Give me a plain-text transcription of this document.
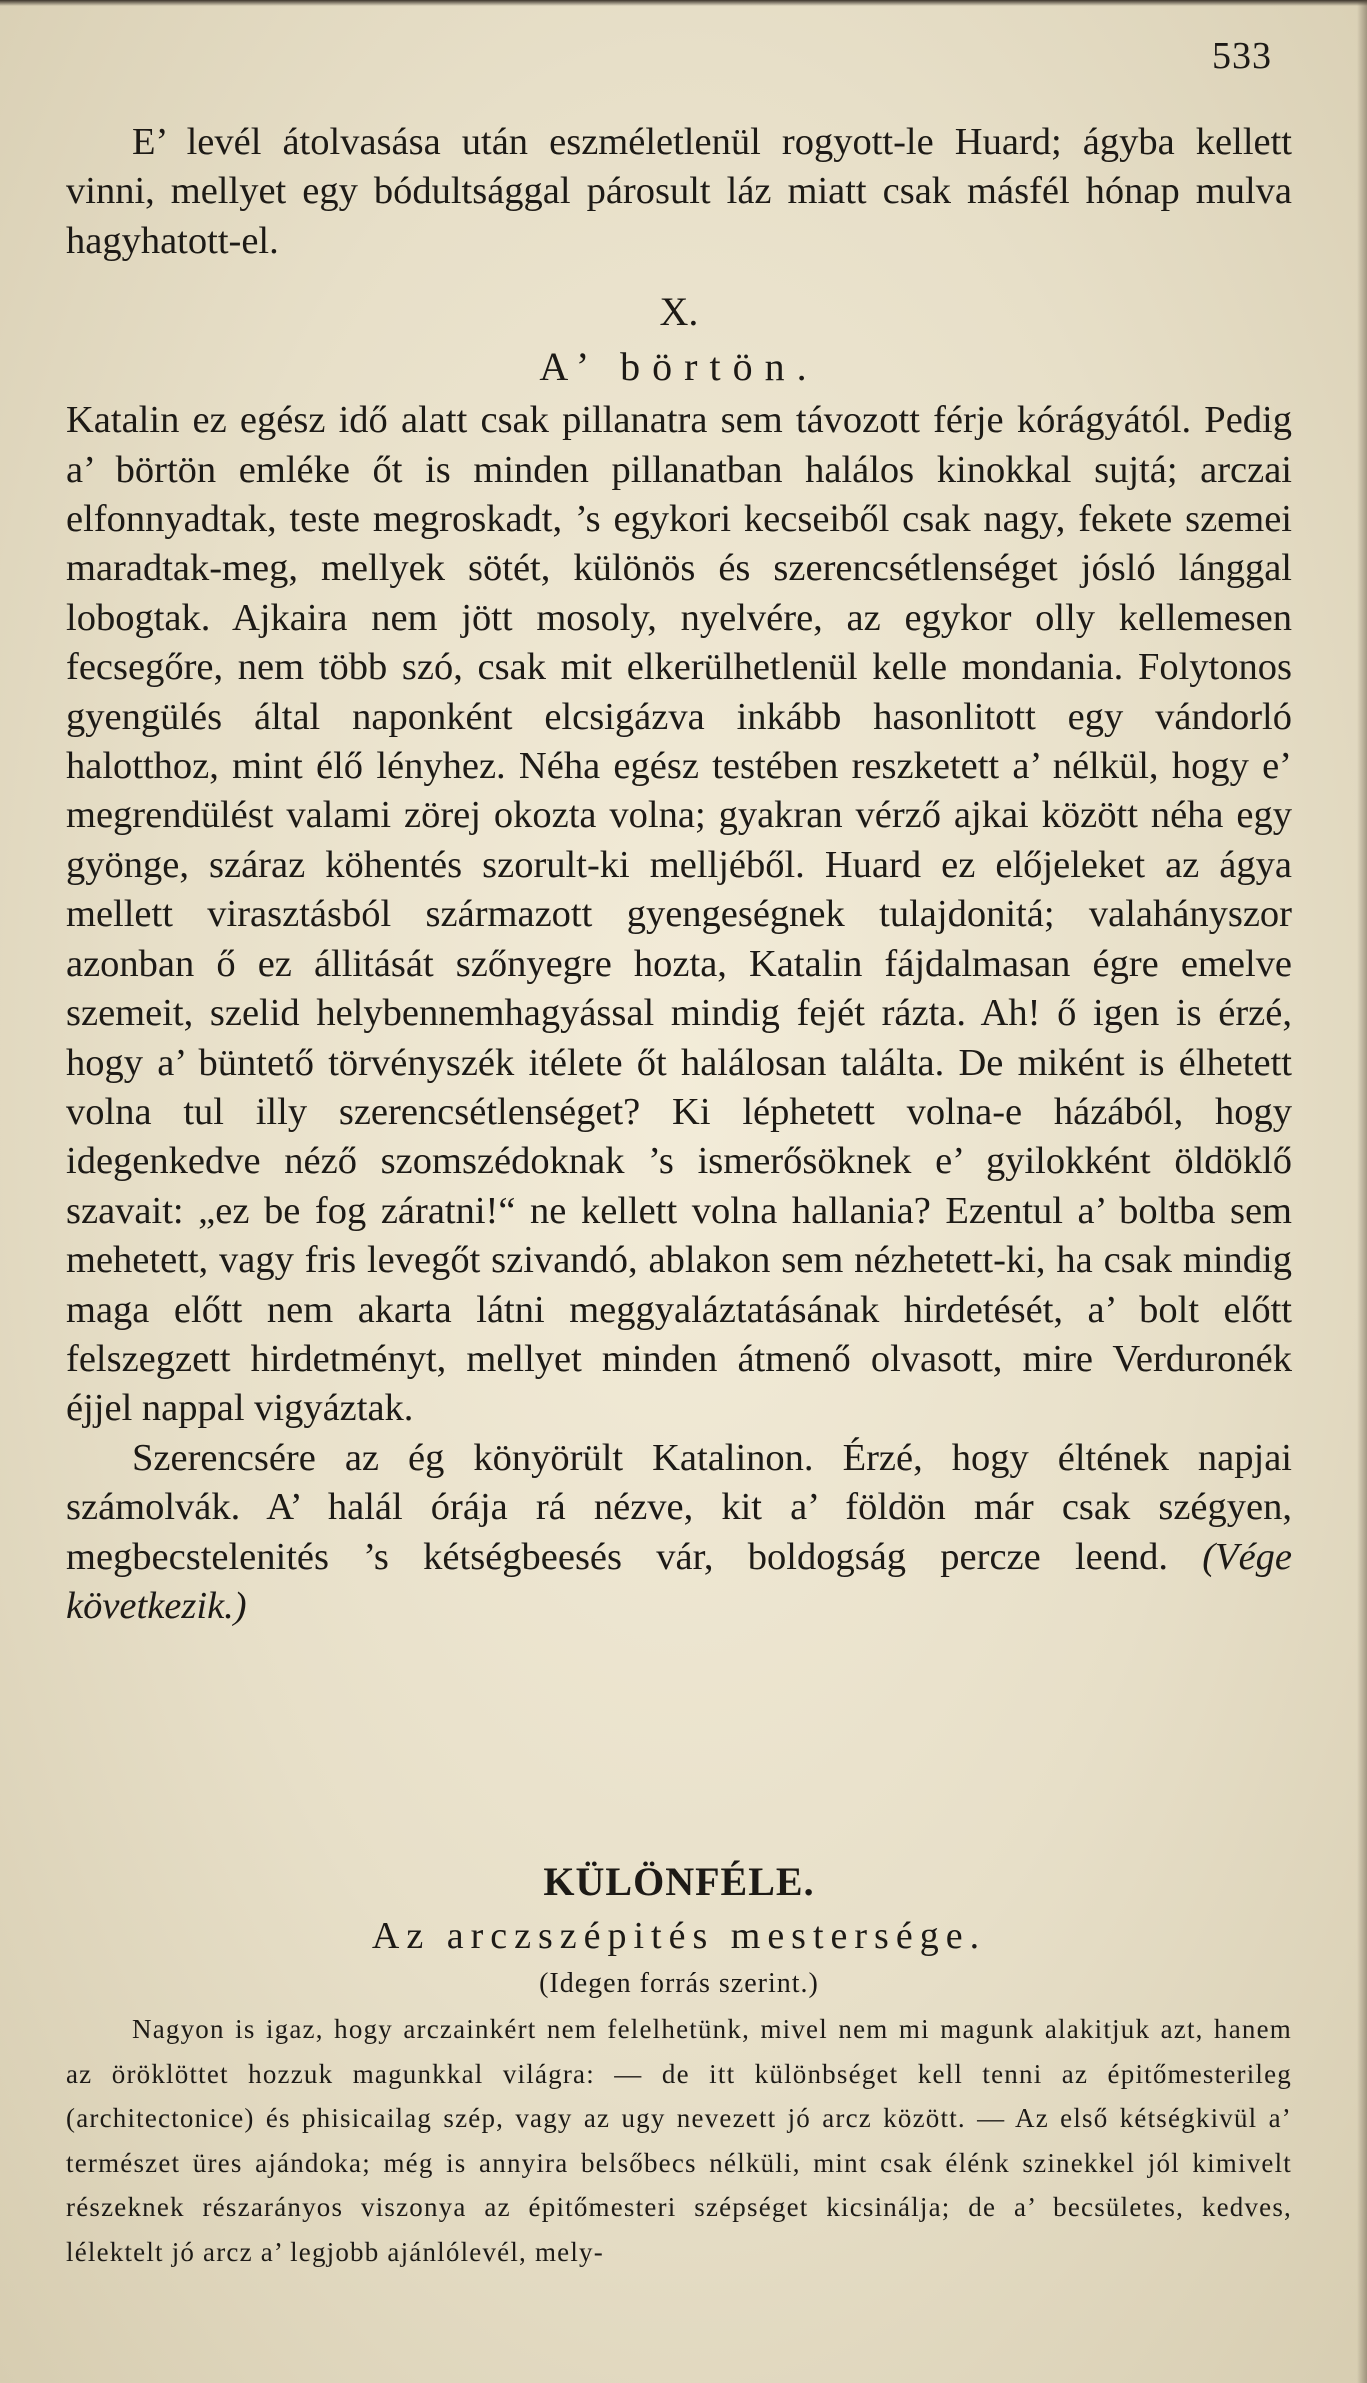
533

E’ levél átolvasása után eszméletlenül rogyott-le Huard; ágyba kellett vinni, mellyet egy bódultsággal párosult láz miatt csak másfél hónap mulva hagyhatott-el.

X.

A’ börtön.

Katalin ez egész idő alatt csak pillanatra sem távozott férje kórágyától. Pedig a’ börtön emléke őt is minden pillanatban halálos kinokkal sujtá; arczai elfonnyadtak, teste megroskadt, ’s egykori kecseiből csak nagy, fekete szemei maradtak-meg, mellyek sötét, különös és szerencsétlenséget jósló lánggal lobogtak. Ajkaira nem jött mosoly, nyelvére, az egykor olly kellemesen fecsegőre, nem több szó, csak mit elkerülhetlenül kelle mondania. Folytonos gyengülés által naponként elcsigázva inkább hasonlitott egy vándorló halotthoz, mint élő lényhez. Néha egész testében reszketett a’ nélkül, hogy e’ megrendülést valami zörej okozta volna; gyakran vérző ajkai között néha egy gyönge, száraz köhentés szorult-ki melljéből. Huard ez előjeleket az ágya mellett virasztásból származott gyengeségnek tulajdonitá; valahányszor azonban ő ez állitását szőnyegre hozta, Katalin fájdalmasan égre emelve szemeit, szelid helybennemhagyással mindig fejét rázta. Ah! ő igen is érzé, hogy a’ büntető törvényszék itélete őt halálosan találta. De miként is élhetett volna tul illy szerencsétlenséget? Ki léphetett volna-e házából, hogy idegenkedve néző szomszédoknak ’s ismerősöknek e’ gyilokként öldöklő szavait: „ez be fog záratni!“ ne kellett volna hallania? Ezentul a’ boltba sem mehetett, vagy fris levegőt szivandó, ablakon sem nézhetett-ki, ha csak mindig maga előtt nem akarta látni meggyaláztatásának hirdetését, a’ bolt előtt felszegzett hirdetményt, mellyet minden átmenő olvasott, mire Verduronék éjjel nappal vigyáztak.

Szerencsére az ég könyörült Katalinon. Érzé, hogy éltének napjai számolvák. A’ halál órája rá nézve, kit a’ földön már csak szégyen, megbecstelenités ’s kétségbeesés vár, boldogság percze leend. (Vége következik.)

KÜLÖNFÉLE.

Az arczszépités mestersége.

(Idegen forrás szerint.)

Nagyon is igaz, hogy arczainkért nem felelhetünk, mivel nem mi magunk alakitjuk azt, hanem az öröklöttet hozzuk magunkkal világra: — de itt különbséget kell tenni az épitőmesterileg (architectonice) és phisicailag szép, vagy az ugy nevezett jó arcz között. — Az első kétségkivül a’ természet üres ajándoka; még is annyira belsőbecs nélküli, mint csak élénk szinekkel jól kimivelt részeknek részarányos viszonya az épitőmesteri szépséget kicsinálja; de a’ becsületes, kedves, lélektelt jó arcz a’ legjobb ajánlólevél, mely-
